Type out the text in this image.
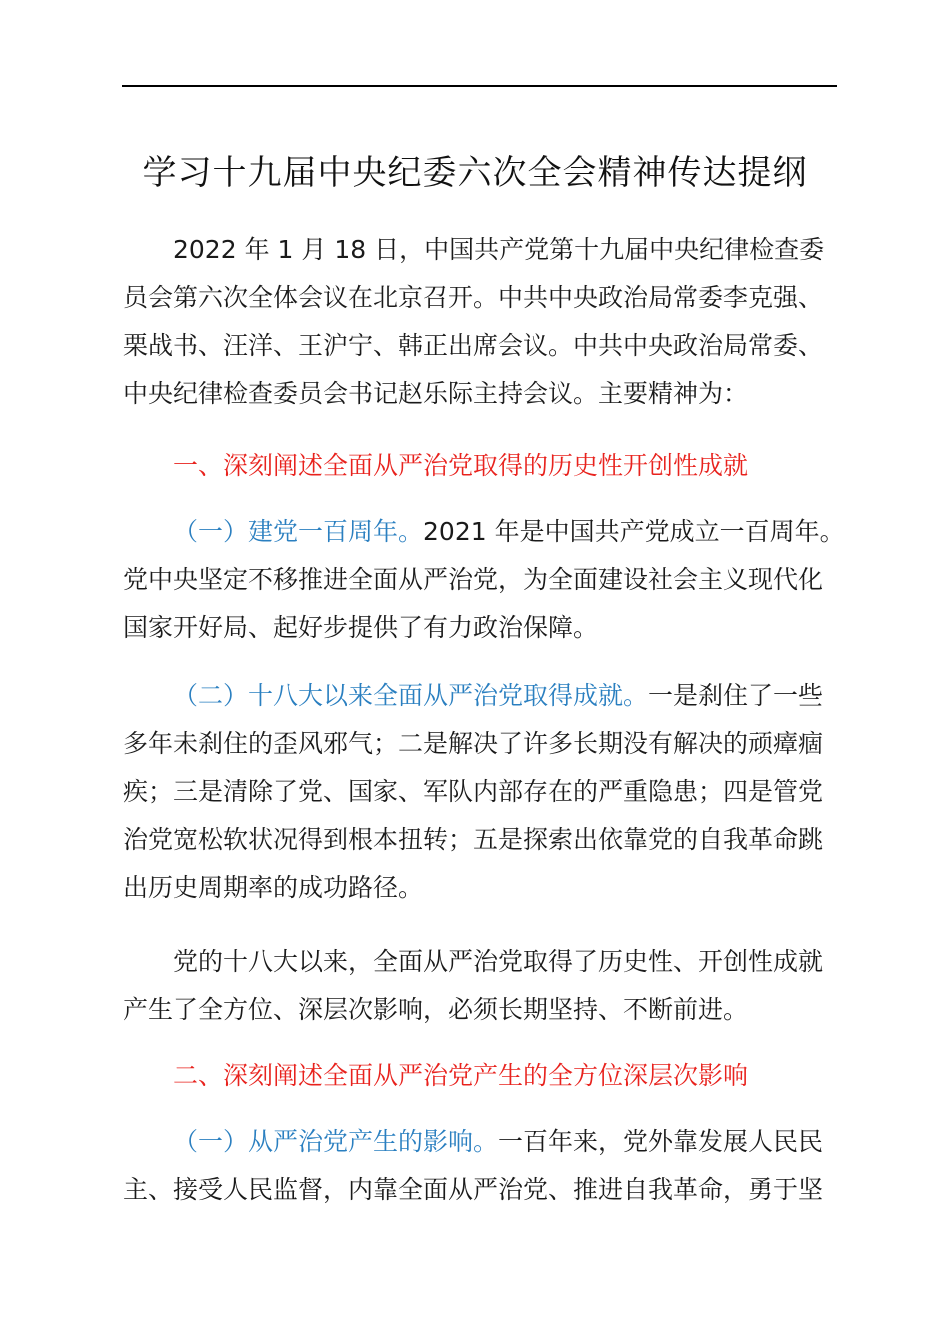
学习十九届中央纪委六次全会精神传达提纲
2022 年 1 月 18 日，中国共产党第十九届中央纪律检查委
员会第六次全体会议在北京召开。中共中央政治局常委李克强、
栗战书、汪洋、王沪宁、韩正出席会议。中共中央政治局常委、
中央纪律检查委员会书记赵乐际主持会议。主要精神为：
一、深刻阐述全面从严治党取得的历史性开创性成就
（一）建党一百周年。2021 年是中国共产党成立一百周年。
党中央坚定不移推进全面从严治党，为全面建设社会主义现代化
国家开好局、起好步提供了有力政治保障。
（二）十八大以来全面从严治党取得成就。一是刹住了一些
多年未刹住的歪风邪气；二是解决了许多长期没有解决的顽瘴痼
疾；三是清除了党、国家、军队内部存在的严重隐患；四是管党
治党宽松软状况得到根本扭转；五是探索出依靠党的自我革命跳
出历史周期率的成功路径。
党的十八大以来，全面从严治党取得了历史性、开创性成就
产生了全方位、深层次影响，必须长期坚持、不断前进。
二、深刻阐述全面从严治党产生的全方位深层次影响
（一）从严治党产生的影响。一百年来，党外靠发展人民民
主、接受人民监督，内靠全面从严治党、推进自我革命，勇于坚
